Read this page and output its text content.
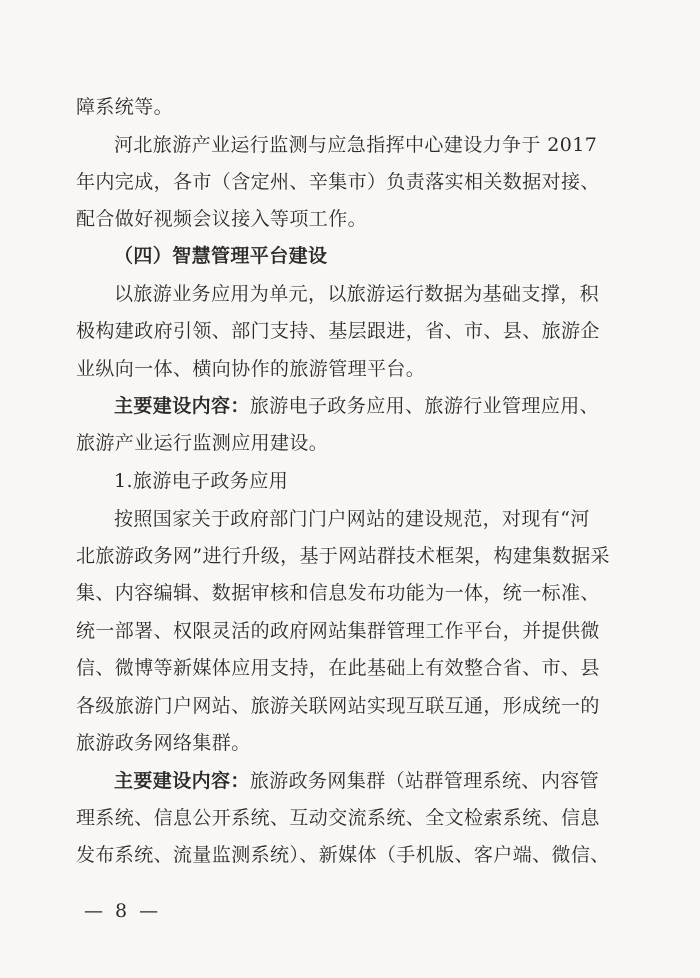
障系统等。
河北旅游产业运行监测与应急指挥中心建设力争于 2017
年内完成，各市（含定州、辛集市）负责落实相关数据对接、
配合做好视频会议接入等项工作。
（四）智慧管理平台建设
以旅游业务应用为单元，以旅游运行数据为基础支撑，积
极构建政府引领、部门支持、基层跟进，省、市、县、旅游企
业纵向一体、横向协作的旅游管理平台。
主要建设内容：旅游电子政务应用、旅游行业管理应用、
旅游产业运行监测应用建设。
1.旅游电子政务应用
按照国家关于政府部门门户网站的建设规范，对现有“河
北旅游政务网”进行升级，基于网站群技术框架，构建集数据采
集、内容编辑、数据审核和信息发布功能为一体，统一标准、
统一部署、权限灵活的政府网站集群管理工作平台，并提供微
信、微博等新媒体应用支持，在此基础上有效整合省、市、县
各级旅游门户网站、旅游关联网站实现互联互通，形成统一的
旅游政务网络集群。
主要建设内容：旅游政务网集群（站群管理系统、内容管
理系统、信息公开系统、互动交流系统、全文检索系统、信息
发布系统、流量监测系统）、新媒体（手机版、客户端、微信、
— 8 —
